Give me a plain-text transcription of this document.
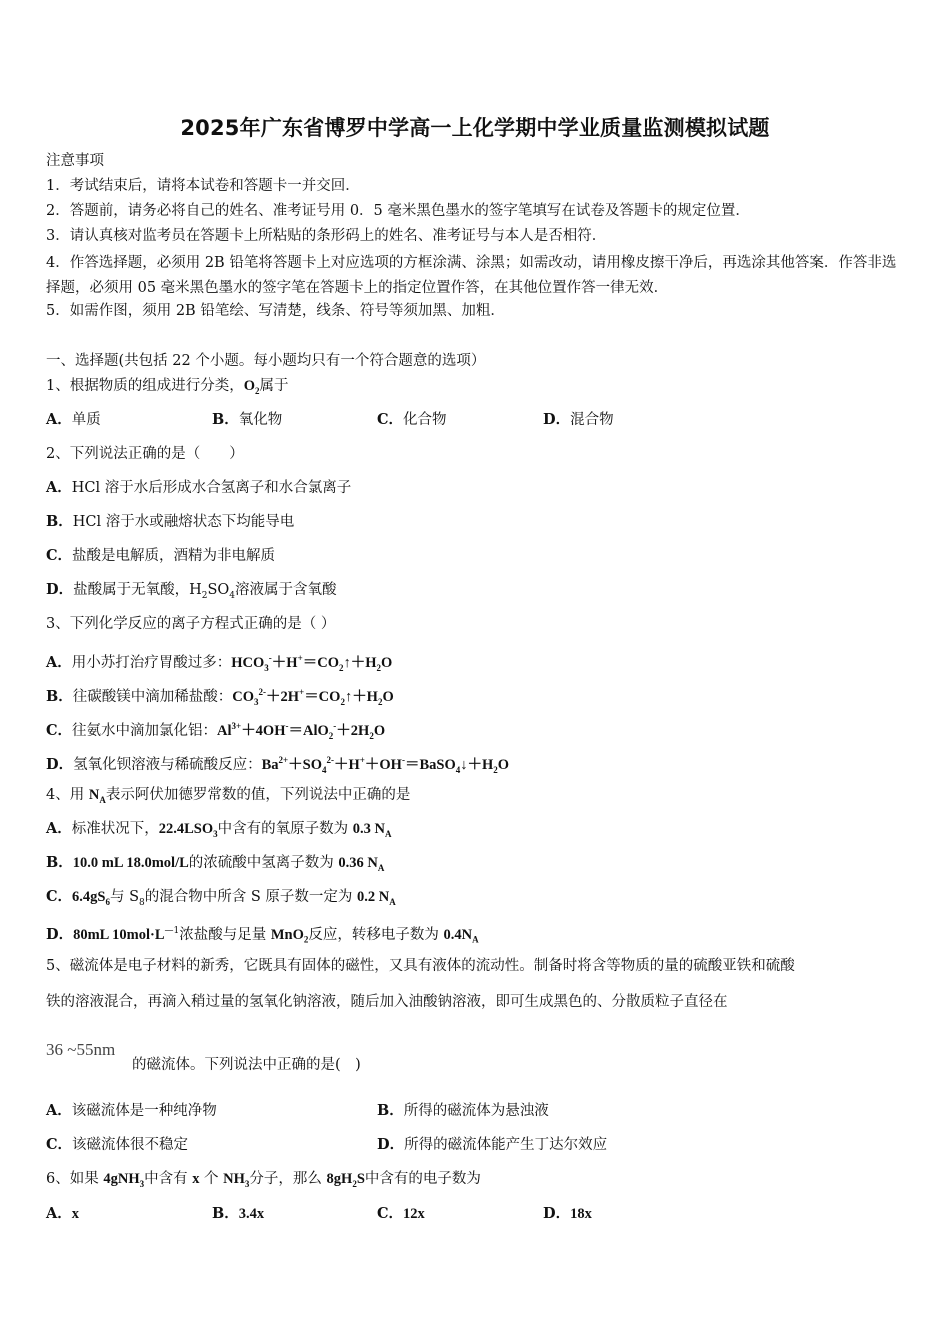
2025年广东省博罗中学高一上化学期中学业质量监测模拟试题
注意事项
1．考试结束后，请将本试卷和答题卡一并交回．
2．答题前，请务必将自己的姓名、准考证号用 0．5 毫米黑色墨水的签字笔填写在试卷及答题卡的规定位置．
3．请认真核对监考员在答题卡上所粘贴的条形码上的姓名、准考证号与本人是否相符．
4．作答选择题，必须用 2B 铅笔将答题卡上对应选项的方框涂满、涂黑；如需改动，请用橡皮擦干净后，再选涂其他答案．作答非选择题，必须用 05 毫米黑色墨水的签字笔在答题卡上的指定位置作答，在其他位置作答一律无效．
5．如需作图，须用 2B 铅笔绘、写清楚，线条、符号等须加黑、加粗．
一、选择题(共包括 22 个小题。每小题均只有一个符合题意的选项）
1、根据物质的组成进行分类，$O_2$属于
A．单质	B．氧化物	C．化合物	D．混合物
2、下列说法正确的是（　　）
A．HCl 溶于水后形成水合氢离子和水合氯离子
B．HCl 溶于水或融熔状态下均能导电
C．盐酸是电解质，酒精为非电解质
D．盐酸属于无氧酸，$H_2SO_4$溶液属于含氧酸
3、下列化学反应的离子方程式正确的是（ ）
A．用小苏打治疗胃酸过多：$HCO_3^-+H^+=CO_2↑+H_2O$
B．往碳酸镁中滴加稀盐酸：$CO_3^{2-}+2H^+=CO_2↑+H_2O$
C．往氨水中滴加氯化铝：$Al^{3+}+4OH^-=AlO_2^-+2H_2O$
D．氢氧化钡溶液与稀硫酸反应：$Ba^{2+}+SO_4^{2-}+H^++OH^-=BaSO_4↓+H_2O$
4、用 $N_A$表示阿伏加德罗常数的值，下列说法中正确的是
A．标准状况下，$22.4LSO_3$中含有的氧原子数为 0.3 $N_A$
B．10.0 mL 18.0mol/L的浓硫酸中氢离子数为 0.36 $N_A$
C．$6.4gS_6$与 $S_8$的混合物中所含 S 原子数一定为 0.2 $N_A$
D．80mL $10mol\cdot L^{—1}$浓盐酸与足量 MnO$_2$反应，转移电子数为 $0.4N_A$
5、磁流体是电子材料的新秀，它既具有固体的磁性，又具有液体的流动性。制备时将含等物质的量的硫酸亚铁和硫酸
铁的溶液混合，再滴入稍过量的氢氧化钠溶液，随后加入油酸钠溶液，即可生成黑色的、分散质粒子直径在
36 ~55nm
的磁流体。下列说法中正确的是(　)
A．该磁流体是一种纯净物	B．所得的磁流体为悬浊液
C．该磁流体很不稳定	D．所得的磁流体能产生丁达尔效应
6、如果 4gNH$_3$中含有 x 个 $NH_3$分子，那么 $8gH_2S$中含有的电子数为
A．x	B．3.4x	C．12x	D．18x
